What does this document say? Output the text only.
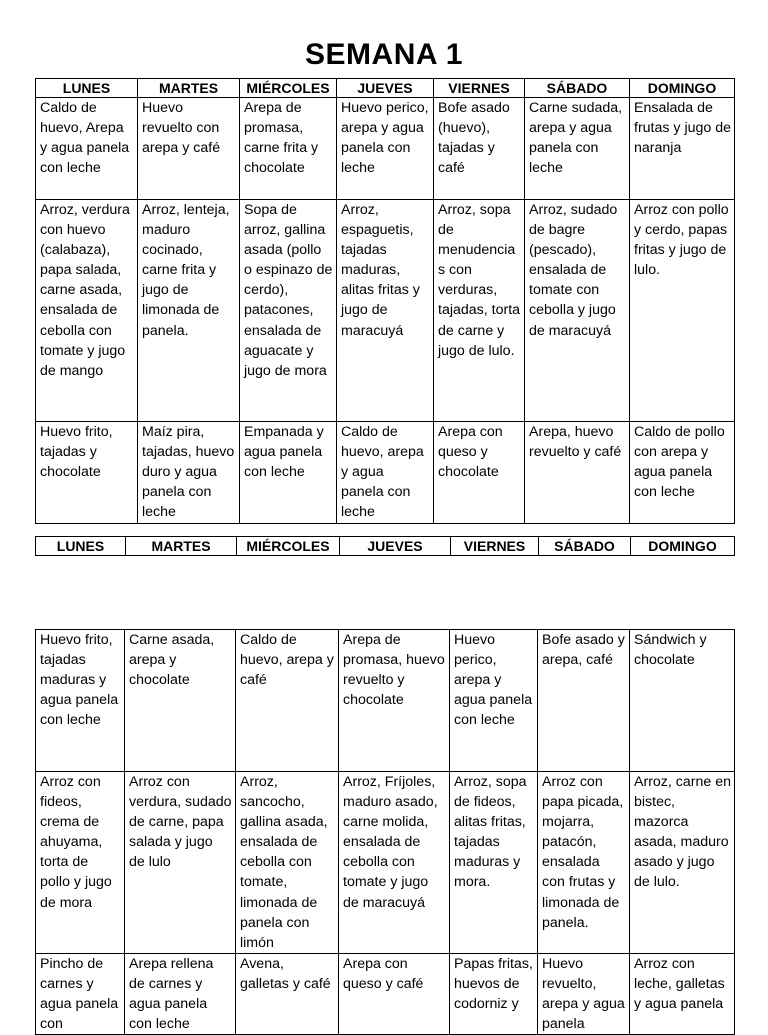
SEMANA 1
LUNES	MARTES	MIÉRCOLES	JUEVES	VIERNES	SÁBADO	DOMINGO
Caldo de huevo, Arepa y agua panela con leche	Huevo revuelto con arepa y café	Arepa de promasa, carne frita y chocolate	Huevo perico, arepa y agua panela con leche	Bofe asado (huevo), tajadas y café	Carne sudada, arepa y agua panela con leche	Ensalada de frutas y jugo de naranja
Arroz, verdura con huevo (calabaza), papa salada, carne asada, ensalada de cebolla con tomate y jugo de mango	Arroz, lenteja, maduro cocinado, carne frita y jugo de limonada de panela.	Sopa de arroz, gallina asada (pollo o espinazo de cerdo), patacones, ensalada de aguacate y jugo de mora	Arroz, espaguetis, tajadas maduras, alitas fritas y jugo de maracuyá	Arroz, sopa de menudencias con verduras, tajadas, torta de carne y jugo de lulo.	Arroz, sudado de bagre (pescado), ensalada de tomate con cebolla y jugo de maracuyá	Arroz con pollo y cerdo, papas fritas y jugo de lulo.
Huevo frito, tajadas y chocolate	Maíz pira, tajadas, huevo duro y agua panela con leche	Empanada y agua panela con leche	Caldo de huevo, arepa y agua panela con leche	Arepa con queso y chocolate	Arepa, huevo revuelto y café	Caldo de pollo con arepa y agua panela con leche
LUNES	MARTES	MIÉRCOLES	JUEVES	VIERNES	SÁBADO	DOMINGO
Huevo frito, tajadas maduras y agua panela con leche	Carne asada, arepa y chocolate	Caldo de huevo, arepa y café	Arepa de promasa, huevo revuelto y chocolate	Huevo perico, arepa y agua panela con leche	Bofe asado y arepa, café	Sándwich y chocolate
Arroz con fideos, crema de ahuyama, torta de pollo y jugo de mora	Arroz con verdura, sudado de carne, papa salada y jugo de lulo	Arroz, sancocho, gallina asada, ensalada de cebolla con tomate, limonada de panela con limón	Arroz, Fríjoles, maduro asado, carne molida, ensalada de cebolla con tomate y jugo de maracuyá	Arroz, sopa de fideos, alitas fritas, tajadas maduras y mora.	Arroz con papa picada, mojarra, patacón, ensalada con frutas y limonada de panela.	Arroz, carne en bistec, mazorca asada, maduro asado y jugo de lulo.
Pincho de carnes y agua panela con	Arepa rellena de carnes y agua panela con leche	Avena, galletas y café	Arepa con queso y café	Papas fritas, huevos de codorniz y	Huevo revuelto, arepa y agua panela	Arroz con leche, galletas y agua panela
